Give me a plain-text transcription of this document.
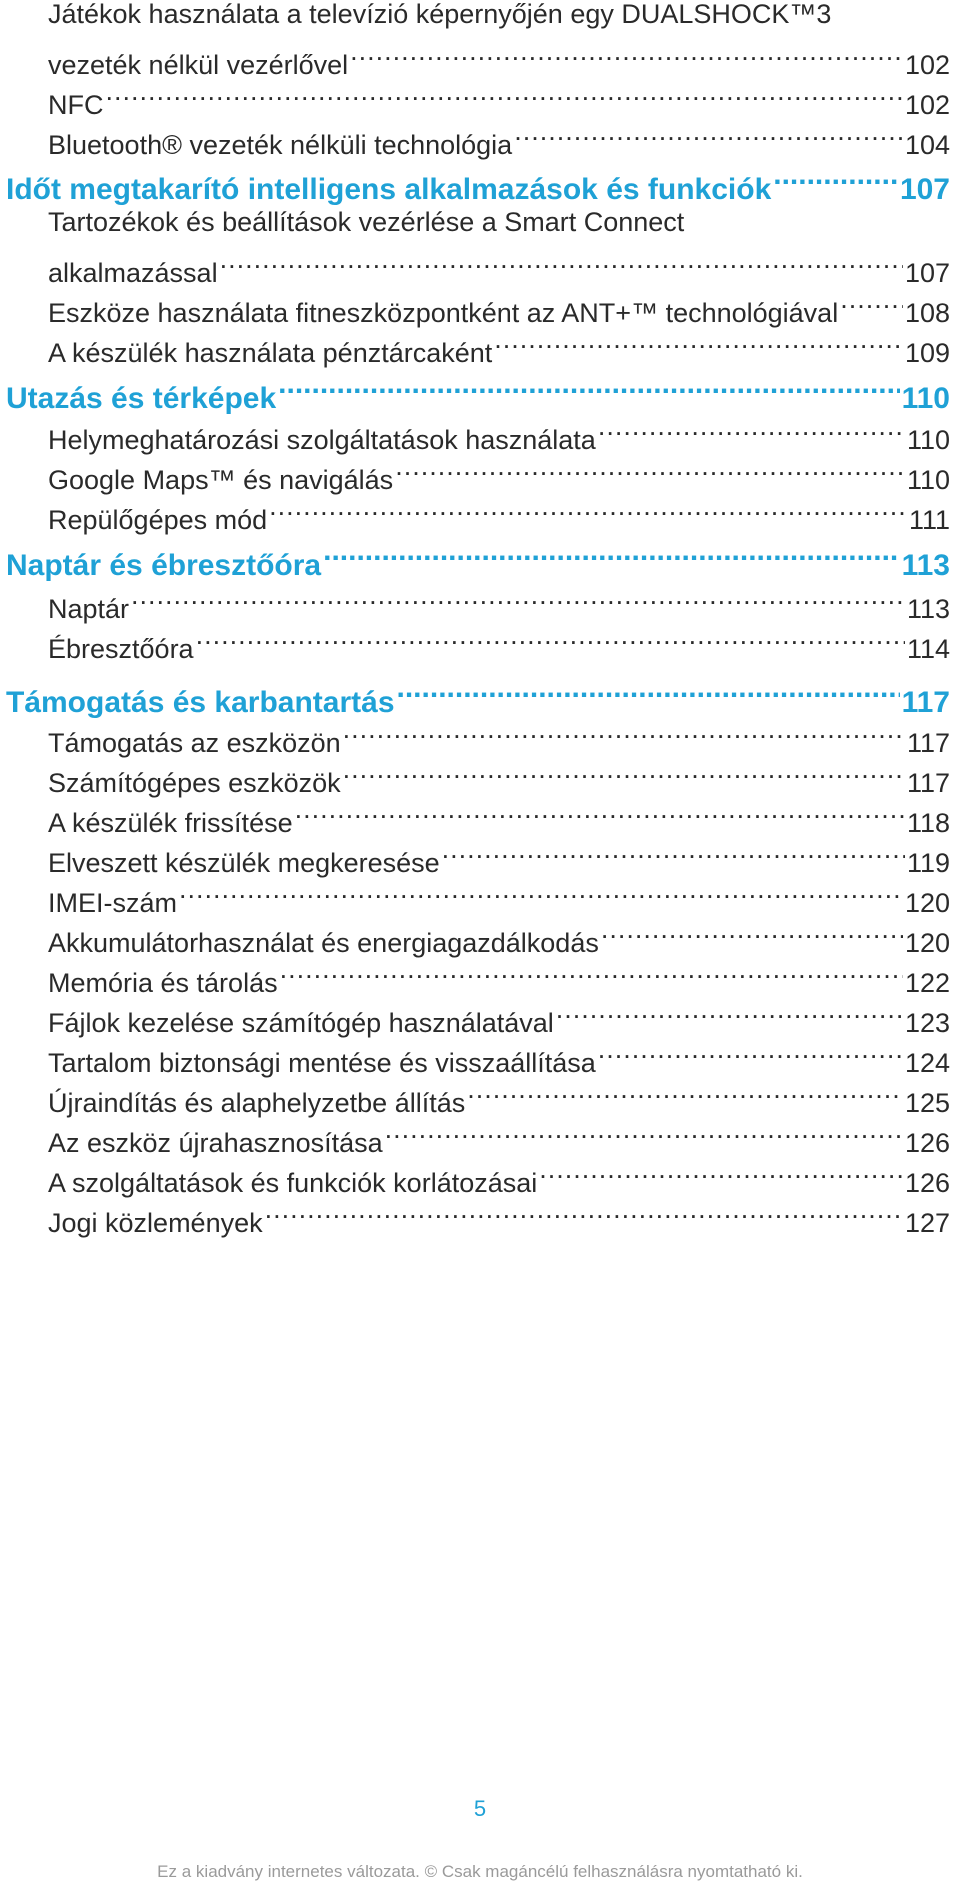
Játékok használata a televízió képernyőjén egy DUALSHOCK™3
vezeték nélkül vezérlővel .....	102
NFC .....	102
Bluetooth® vezeték nélküli technológia .....	104
Időt megtakarító intelligens alkalmazások és funkciók .....	107
Tartozékok és beállítások vezérlése a Smart Connect
alkalmazással .....	107
Eszköze használata fitneszközpontként az ANT+™ technológiával ..... 108
A készülék használata pénztárcaként .....	109
Utazás és térképek .....	110
Helymeghatározási szolgáltatások használata .....	110
Google Maps™ és navigálás .....	110
Repülőgépes mód .....	111
Naptár és ébresztőóra .....	113
Naptár .....	113
Ébresztőóra .....	114
Támogatás és karbantartás .....	117
Támogatás az eszközön .....	117
Számítógépes eszközök .....	117
A készülék frissítése .....	118
Elveszett készülék megkeresése .....	119
IMEI-szám .....	120
Akkumulátorhasználat és energiagazdálkodás .....	120
Memória és tárolás .....	122
Fájlok kezelése számítógép használatával .....	123
Tartalom biztonsági mentése és visszaállítása .....	124
Újraindítás és alaphelyzetbe állítás .....	125
Az eszköz újrahasznosítása .....	126
A szolgáltatások és funkciók korlátozásai .....	126
Jogi közlemények .....	127
5
Ez a kiadvány internetes változata. © Csak magáncélú felhasználásra nyomtatható ki.
